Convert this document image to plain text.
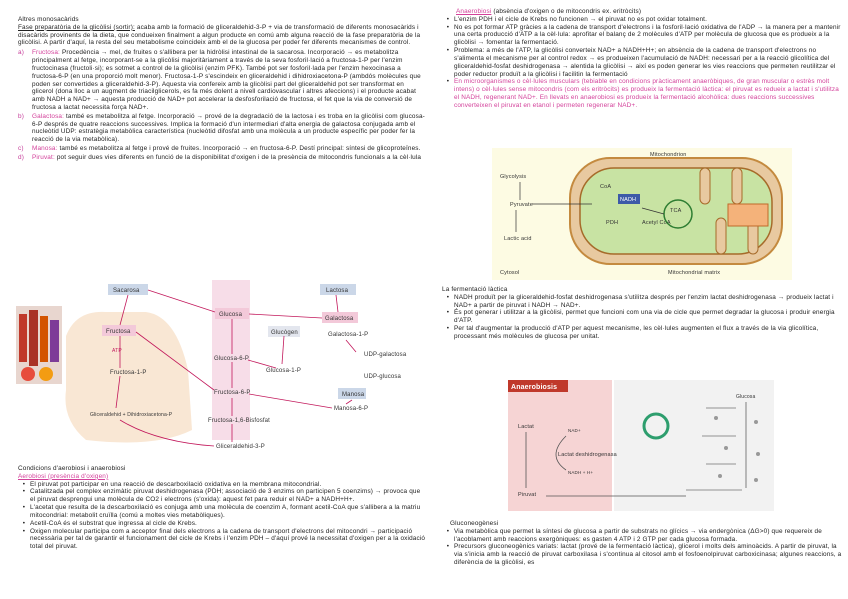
Altres monosacàrids

Fase preparatòria de la glicòlisi (sortir): acaba amb la formació de gliceraldehid-3-P + via de transformació de diferents monosacàrids i disacàrids provinents de la dieta, que condueixen finalment a algun producte en comú amb alguna reacció de la fase preparatòria de la glicòlisi. A partir d'aquí, la resta del seu metabolisme coincideix amb el de la glucosa per poder fer diferents mecanismes de control.

a)	Fructosa: Procedència → mel, de fruites o s'allibera per la hidròlisi intestinal de la sacarosa. Incorporació → es metabolitza principalment al fetge, incorporant-se a la glicòlisi majoritàriament a través de la seva fosforil·lació a fructosa-1-P per l'enzim fructocinasa (fructoli·si); es sotmet a control de la glicòlisi (enzim PFK). També pot ser fosforil·lada per l'enzim hexocinasa a fructosa-6-P (en una proporció molt menor). Fructosa-1-P s'escindeix en gliceraldehid i dihidroxiacetona-P (ambdós molècules que poden ser convertides a gliceraldehid-3-P). Aquesta via confereix amb la glicòlisi part del gliceraldehid pot ser transformat en glicerol (dona lloc a un augment de triacilglicerols, es fa més dolent a nivell cardiovascular i altres afeccions) i el producte acabat amb NADH a NAD+ → aquesta producció de NAD+ pot accelerar la desfosforilació de fructosa, el fet que la via de conversió de fructosa a lactat necessita força NAD+.

b)	Galactosa: també es metabolitza al fetge. Incorporació → prové de la degradació de la lactosa i es troba en la glicòlisi com glucosa-6-P després de quatre reaccions successives. Implica la formació d'un intermediari d'alta energia de galactosa conjugada amb el nucleòtid UDP: estratègia metabòlica característica (nucleòtid difosfat amb una molècula a un producte específic per poder fer la reacció de la via metabòlica).

c)	Manosa: també es metabolitza al fetge i prové de fruites. Incorporació → en fructosa-6-P. Destí principal: síntesi de glicoproteïnes.

d)	Piruvat: pot seguir dues vies diferents en funció de la disponibilitat d'oxigen i de la presència de mitocondris funcionals a la cèl·lula

Sacarosa	Lactosa
Fructosa
Glucosa
Galactosa
Galactosa-1-P
Glucògen
Glucosa-1-P
UDP-galactosa
UDP-glucosa
Fructosa-1-P
Glucosa-6-P
Fructosa-6-P	Manosa
Manosa-6-P
Gliceraldehid + Dihidroxiacetona-P
Fructosa-1,6-Bisfosfat
Gliceraldehid-3-P
ATP

Condicions d'aerobiosi i anaerobiosi

Aerobiosi (presència d'oxigen)

• El piruvat pot participar en una reacció de descarboxilació oxidativa en la membrana mitocondrial.

• Catalitzada pel complex enzimàtic piruvat deshidrogenasa (PDH; associació de 3 enzims on participen 5 coenzims) → provoca que el piruvat desprengui una molècula de CO2 i electrons (s'oxida): aquest fet para reduir el NAD+ a NADH+H+.

• L'acetat que resulta de la descarboxilació es conjuga amb una molècula de coenzim A, formant acetil-CoA que s'allibera a la matriu mitocondrial: metabolit cruïlla (comú a moltes vies metabòliques).

• Acetil-CoA és el substrat que ingressa al cicle de Krebs.

• Oxigen molecular participa com a acceptor final dels electrons a la cadena de transport d'electrons del mitocondri → participació necessària per tal de garantir el funcionament del cicle de Krebs i l'enzim PDH – d'aquí prové la necessitat d'oxigen per a la oxidació total del piruvat.

Anaerobiosi (absència d'oxigen o de mitocondris ex. eritròcits)

• L'enzim PDH i el cicle de Krebs no funcionen → el piruvat no es pot oxidar totalment.

• No es pot formar ATP gràcies a la cadena de transport d'electrons i la fosforil·lació oxidativa de l'ADP → la manera per a mantenir una certa producció d'ATP a la cèl·lula: aprofitar el balanç de 2 molècules d'ATP per molècula de glucosa que es produeix a la glicòlisi → fomentar la fermentació.

• Problema: a més de l'ATP, la glicòlisi converteix NAD+ a NADH+H+; en absència de la cadena de transport d'electrons no s'alimenta el mecanisme per al control redox → es produeixen l'acumulació de NADH: necessari per a la reacció glicolítica del gliceraldehid-fosfat deshidrogenasa → alentida la glicòlisi → així es poden generar les vies reaccions que permeten reutilitzar el poder reductor produït a la glicòlisi i facilitin la fermentació

• En microorganismes o cèl·lules musculars (tebiable en condicions pràcticament anaeròbiques, de gran muscular o estrès molt intens) o cèl·lules sense mitocondris (com els eritròcits) es produeix la fermentació làctica: el piruvat es redueix a lactat i s'utilitza el NADH, regenerant NAD+. En llevats en anaerobiosi es produeix la fermentació alcohòlica: dues reaccions successives converteixen el piruvat en etanol i permeten regenerar NAD+.

Mitochondrion
Glycolysis
Pyruvate
NADH
Acetyl CoA
TCA
Mitochondrial matrix
Cytosol
Lactic acid
CoA
PDH

La fermentació làctica

• NADH produït per la gliceraldehid-fosfat deshidrogenasa s'utilitza després per l'enzim lactat deshidrogenasa → produeix lactat i NAD+ a partir de piruvat i NADH → NAD+.

• És pot generar i utilitzar a la glicòlisi, permet que funcioni com una via de cicle que permet degradar la glucosa i produir energia d'ATP.

• Per tal d'augmentar la producció d'ATP per aquest mecanisme, les cèl·lules augmenten el flux a través de la via glicolítica, processant més molècules de glucosa per unitat.

Anaerobiosis
Lactat
Lactat deshidrogenasa
NAD+
NADH + H+
Piruvat
Glucosa

Gluconeogènesi

• Via metabòlica que permet la síntesi de glucosa a partir de substrats no glícics → via endergònica (ΔG>0) que requereix de l'acoblament amb reaccions exergòniques: es gasten 4 ATP i 2 GTP per cada glucosa formada.

• Precursors gluconeogènics variats: lactat (prové de la fermentació làctica), glicerol i molts dels aminoàcids. A partir de piruvat, la via s'inicia amb la reacció de piruvat carboxilasa i s'continua al citosol amb el fosfoenolpiruvat carboxicinasa; algunes reaccions, a diferència de la glicòlisi, es
